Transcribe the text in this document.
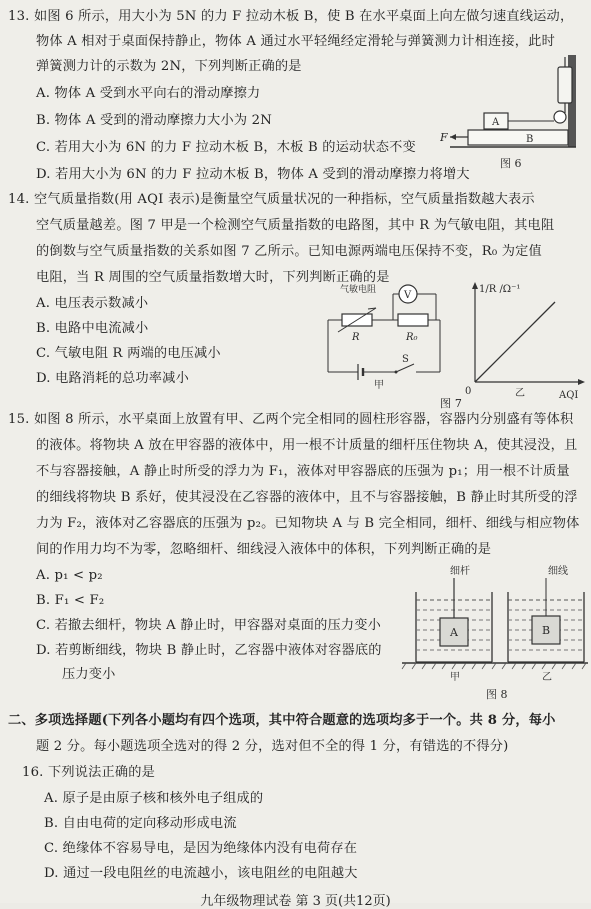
13. 如图 6 所示，用大小为 5N 的力 F 拉动木板 B，使 B 在水平桌面上向左做匀速直线运动，
物体 A 相对于桌面保持静止，物体 A 通过水平轻绳经定滑轮与弹簧测力计相连接，此时
弹簧测力计的示数为 2N，下列判断正确的是
A. 物体 A 受到水平向右的滑动摩擦力
B. 物体 A 受到的滑动摩擦力大小为 2N
C. 若用大小为 6N 的力 F 拉动木板 B，木板 B 的运动状态不变
D. 若用大小为 6N 的力 F 拉动木板 B，物体 A 受到的滑动摩擦力将增大
B
A
F
图 6
14. 空气质量指数(用 AQI 表示)是衡量空气质量状况的一种指标，空气质量指数越大表示
空气质量越差。图 7 甲是一个检测空气质量指数的电路图，其中 R 为气敏电阻，其电阻
的倒数与空气质量指数的关系如图 7 乙所示。已知电源两端电压保持不变，R₀ 为定值
电阻，当 R 周围的空气质量指数增大时，下列判断正确的是
A. 电压表示数减小
B. 电路中电流减小
C. 气敏电阻 R 两端的电压减小
D. 电路消耗的总功率减小
气敏电阻	V
R	R₀
S
甲
1/R /Ω⁻¹
AQI
0	乙
图 7
15. 如图 8 所示，水平桌面上放置有甲、乙两个完全相同的圆柱形容器，容器内分别盛有等体积
的液体。将物块 A 放在甲容器的液体中，用一根不计质量的细杆压住物块 A，使其浸没，且
不与容器接触，A 静止时所受的浮力为 F₁，液体对甲容器底的压强为 p₁；用一根不计质量
的细线将物块 B 系好，使其浸没在乙容器的液体中，且不与容器接触，B 静止时其所受的浮
力为 F₂，液体对乙容器底的压强为 p₂。已知物块 A 与 B 完全相同，细杆、细线与相应物体
间的作用力均不为零，忽略细杆、细线浸入液体中的体积，下列判断正确的是
A. p₁ < p₂
B. F₁ < F₂
C. 若撤去细杆，物块 A 静止时，甲容器对桌面的压力变小
D. 若剪断细线，物块 B 静止时，乙容器中液体对容器底的
压力变小
细杆	细线
A	B
甲	乙
图 8
二、多项选择题(下列各小题均有四个选项，其中符合题意的选项均多于一个。共 8 分，每小
题 2 分。每小题选项全选对的得 2 分，选对但不全的得 1 分，有错选的不得分)
16. 下列说法正确的是
A. 原子是由原子核和核外电子组成的
B. 自由电荷的定向移动形成电流
C. 绝缘体不容易导电，是因为绝缘体内没有电荷存在
D. 通过一段电阻丝的电流越小，该电阻丝的电阻越大
九年级物理试卷 第 3 页(共12页)
